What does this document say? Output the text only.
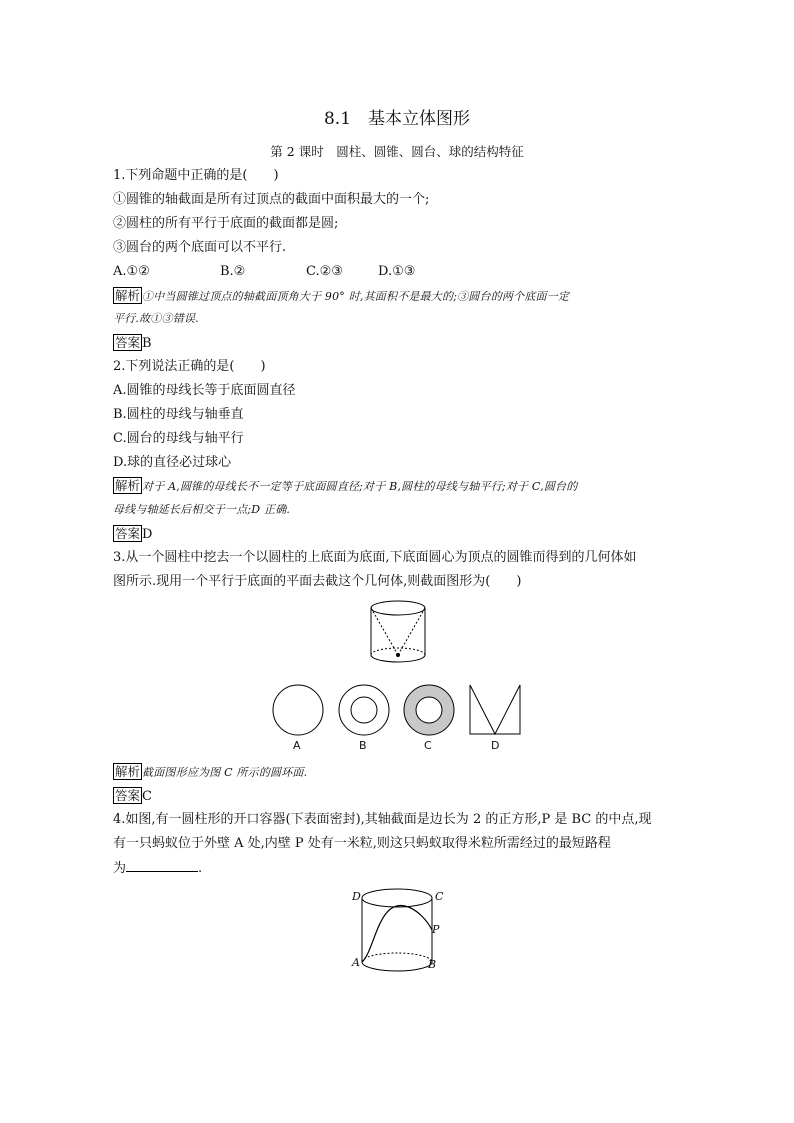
8.1　基本立体图形
第 2 课时　圆柱、圆锥、圆台、球的结构特征
1.下列命题中正确的是(　　)
①圆锥的轴截面是所有过顶点的截面中面积最大的一个;
②圆柱的所有平行于底面的截面都是圆;
③圆台的两个底面可以不平行.
A.①②	B.②	C.②③	D.①③
解析 ①中当圆锥过顶点的轴截面顶角大于 90° 时,其面积不是最大的;③圆台的两个底面一定
平行.故①③错误.
答案 B
2.下列说法正确的是(　　)
A.圆锥的母线长等于底面圆直径
B.圆柱的母线与轴垂直
C.圆台的母线与轴平行
D.球的直径必过球心
解析 对于 A,圆锥的母线长不一定等于底面圆直径;对于 B,圆柱的母线与轴平行;对于 C,圆台的
母线与轴延长后相交于一点;D 正确.
答案 D
3.从一个圆柱中挖去一个以圆柱的上底面为底面,下底面圆心为顶点的圆锥而得到的几何体如
图所示.现用一个平行于底面的平面去截这个几何体,则截面图形为(　　)
A	B	C	D
解析 截面图形应为图 C 所示的圆环面.
答案 C
4.如图,有一圆柱形的开口容器(下表面密封),其轴截面是边长为 2 的正方形,P 是 BC 的中点,现
有一只蚂蚁位于外壁 A 处,内壁 P 处有一米粒,则这只蚂蚁取得米粒所需经过的最短路程
为	.
D	C
P
A	B
